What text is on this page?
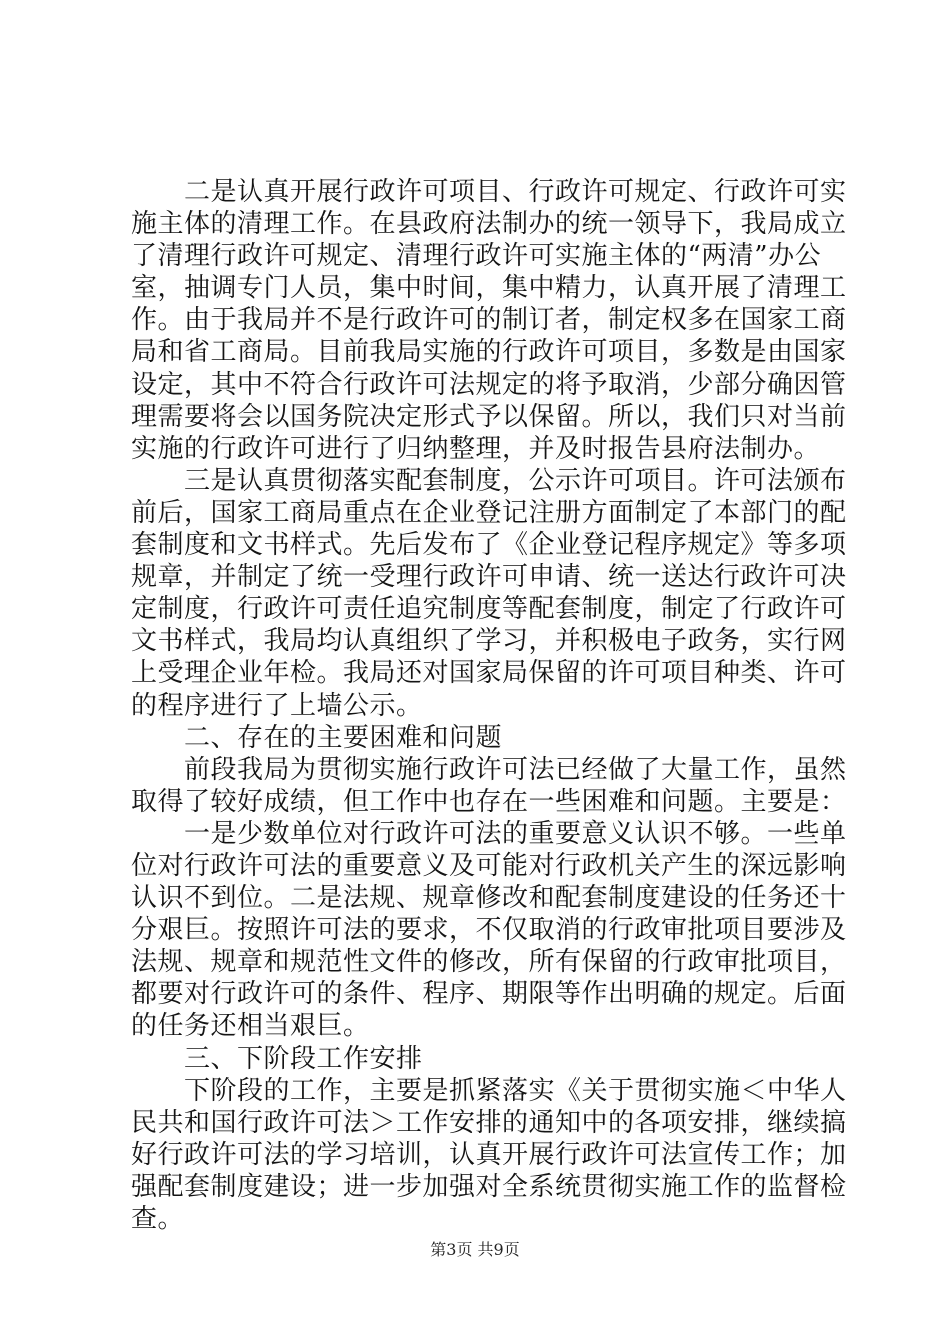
　　二是认真开展行政许可项目、行政许可规定、行政许可实
施主体的清理工作。在县政府法制办的统一领导下，我局成立
了清理行政许可规定、清理行政许可实施主体的“两清”办公
室，抽调专门人员，集中时间，集中精力，认真开展了清理工
作。由于我局并不是行政许可的制订者，制定权多在国家工商
局和省工商局。目前我局实施的行政许可项目，多数是由国家
设定，其中不符合行政许可法规定的将予取消，少部分确因管
理需要将会以国务院决定形式予以保留。所以，我们只对当前
实施的行政许可进行了归纳整理，并及时报告县府法制办。
　　三是认真贯彻落实配套制度，公示许可项目。许可法颁布
前后，国家工商局重点在企业登记注册方面制定了本部门的配
套制度和文书样式。先后发布了《企业登记程序规定》等多项
规章，并制定了统一受理行政许可申请、统一送达行政许可决
定制度，行政许可责任追究制度等配套制度，制定了行政许可
文书样式，我局均认真组织了学习，并积极电子政务，实行网
上受理企业年检。我局还对国家局保留的许可项目种类、许可
的程序进行了上墙公示。
　　二、存在的主要困难和问题
　　前段我局为贯彻实施行政许可法已经做了大量工作，虽然
取得了较好成绩，但工作中也存在一些困难和问题。主要是：
　　一是少数单位对行政许可法的重要意义认识不够。一些单
位对行政许可法的重要意义及可能对行政机关产生的深远影响
认识不到位。二是法规、规章修改和配套制度建设的任务还十
分艰巨。按照许可法的要求，不仅取消的行政审批项目要涉及
法规、规章和规范性文件的修改，所有保留的行政审批项目，
都要对行政许可的条件、程序、期限等作出明确的规定。后面
的任务还相当艰巨。
　　三、下阶段工作安排
　　下阶段的工作，主要是抓紧落实《关于贯彻实施＜中华人
民共和国行政许可法＞工作安排的通知中的各项安排，继续搞
好行政许可法的学习培训，认真开展行政许可法宣传工作；加
强配套制度建设；进一步加强对全系统贯彻实施工作的监督检
查。
第3页 共9页
